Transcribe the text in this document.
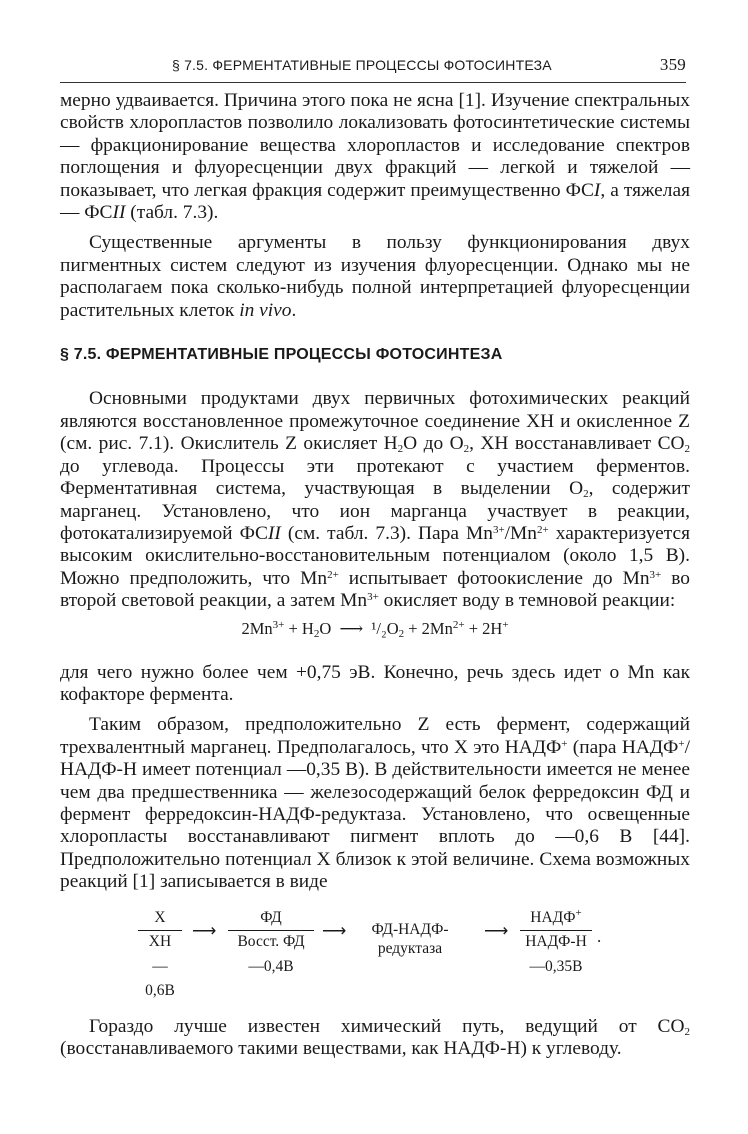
§ 7.5. ФЕРМЕНТАТИВНЫЕ ПРОЦЕССЫ ФОТОСИНТЕЗА	359

мерно удваивается. Причина этого пока не ясна [1]. Изучение спектральных свойств хлоропластов позволило локализовать фотосинтетические системы — фракционирование вещества хлоропластов и исследование спектров поглощения и флуоресценции двух фракций — легкой и тяжелой — показывает, что легкая фракция содержит преимущественно ФСI, а тяжелая — ФСII (табл. 7.3).

Существенные аргументы в пользу функционирования двух пигментных систем следуют из изучения флуоресценции. Однако мы не располагаем пока сколько-нибудь полной интерпретацией флуоресценции растительных клеток in vivo.

§ 7.5. ФЕРМЕНТАТИВНЫЕ ПРОЦЕССЫ ФОТОСИНТЕЗА

Основными продуктами двух первичных фотохимических реакций являются восстановленное промежуточное соединение XH и окисленное Z (см. рис. 7.1). Окислитель Z окисляет $H_2O$ до $O_2$, XH восстанавливает $CO_2$ до углевода. Процессы эти протекают с участием ферментов. Ферментативная система, участвующая в выделении $O_2$, содержит марганец. Установлено, что ион марганца участвует в реакции, фотокатализируемой ФСII (см. табл. 7.3). Пара $Mn^{3+}/Mn^{2+}$ характеризуется высоким окислительно-восстановительным потенциалом (около 1,5 В). Можно предположить, что $Mn^{2+}$ испытывает фотоокисление до $Mn^{3+}$ во второй световой реакции, а затем $Mn^{3+}$ окисляет воду в темновой реакции:

$2Mn^{3+} + H_2O$ ⟶ $^1/_2O_2 + 2Mn^{2+} + 2H^+$

для чего нужно более чем +0,75 эВ. Конечно, речь здесь идет о Mn как кофакторе фермента.

Таким образом, предположительно Z есть фермент, содержащий трехвалентный марганец. Предполагалось, что X это НАДФ+ (пара НАДФ+/НАДФ-Н имеет потенциал —0,35 В). В действительности имеется не менее чем два предшественника — железосодержащий белок ферредоксин ФД и фермент ферредоксин-НАДФ-редуктаза. Установлено, что освещенные хлоропласты восстанавливают пигмент вплоть до —0,6 В [44]. Предположительно потенциал X близок к этой величине. Схема возможных реакций [1] записывается в виде

X
XH
—0,6В
⟶
ФД
Восст. ФД
—0,4В
⟶	ФД-НАДФ-
редуктаза
⟶
НАДФ+
НАДФ-Н
—0,35В
.

Гораздо лучше известен химический путь, ведущий от $CO_2$ (восстанавливаемого такими веществами, как НАДФ-Н) к углеводу.
